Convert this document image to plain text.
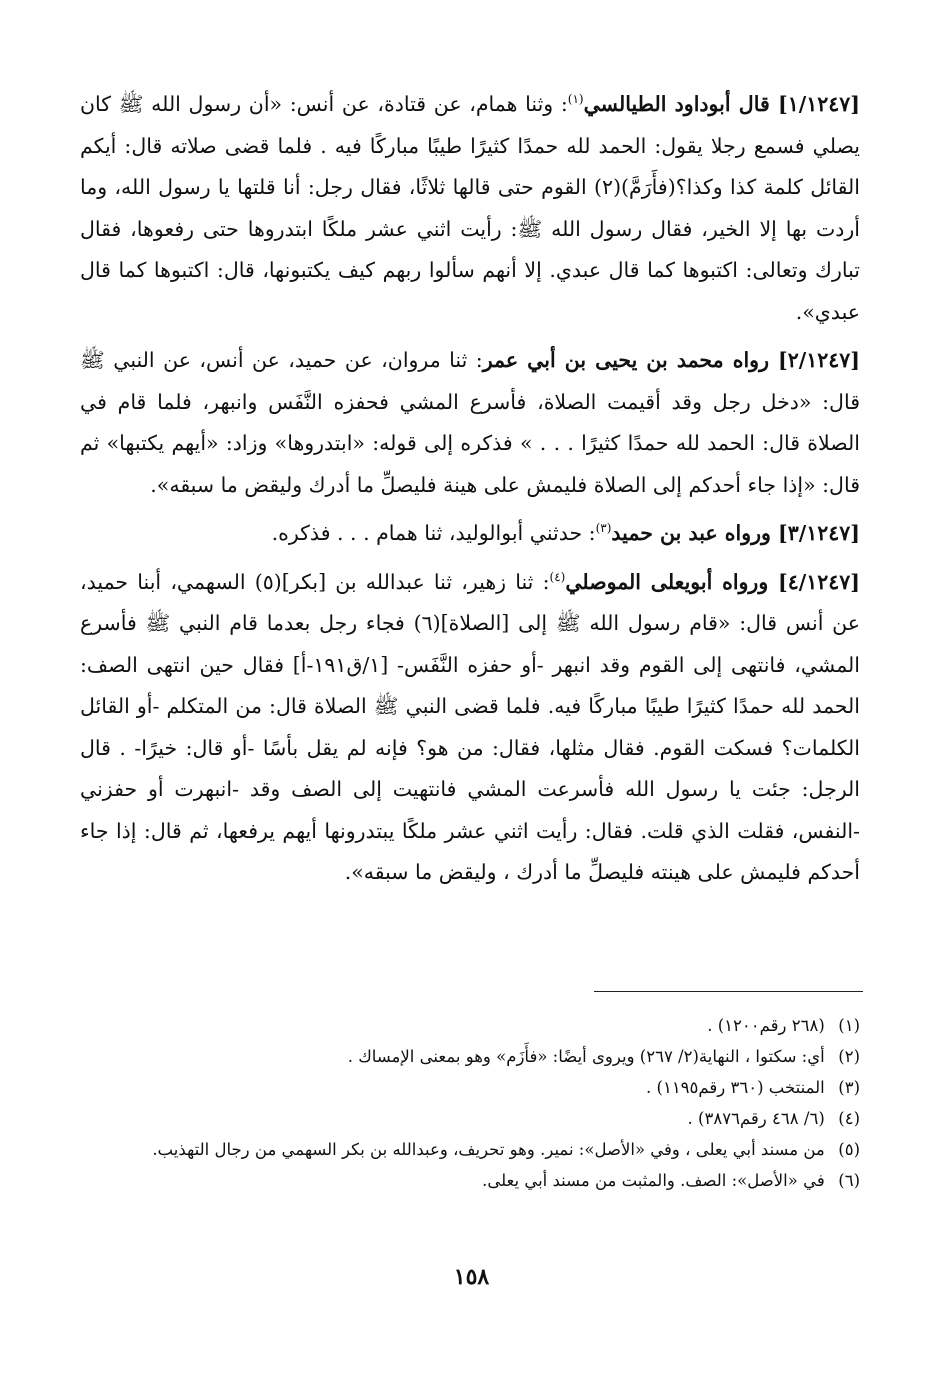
[١/١٢٤٧] قال أبوداود الطيالسي$^{(١)}$: وثنا همام، عن قتادة، عن أنس: «أن رسول الله ﷺ كان يصلي فسمع رجلا يقول: الحمد لله حمدًا كثيرًا طيبًا مباركًا فيه . فلما قضى صلاته قال: أيكم القائل كلمة كذا وكذا؟(فأَرَمَّ)(٢) القوم حتى قالها ثلاثًا، فقال رجل: أنا قلتها يا رسول الله، وما أردت بها إلا الخير، فقال رسول الله ﷺ: رأيت اثني عشر ملكًا ابتدروها حتى رفعوها، فقال تبارك وتعالى: اكتبوها كما قال عبدي. إلا أنهم سألوا ربهم كيف يكتبونها، قال: اكتبوها كما قال عبدي».

[٢/١٢٤٧] رواه محمد بن يحيى بن أبي عمر: ثنا مروان، عن حميد، عن أنس، عن النبي ﷺ قال: «دخل رجل وقد أقيمت الصلاة، فأسرع المشي فحفزه النَّفَس وانبهر، فلما قام في الصلاة قال: الحمد لله حمدًا كثيرًا . . . » فذكره إلى قوله: «ابتدروها» وزاد: «أيهم يكتبها» ثم قال: «إذا جاء أحدكم إلى الصلاة فليمش على هينة فليصلِّ ما أدرك وليقض ما سبقه».

[٣/١٢٤٧] ورواه عبد بن حميد$^{(٣)}$: حدثني أبوالوليد، ثنا همام . . . فذكره.

[٤/١٢٤٧] ورواه أبويعلى الموصلي$^{(٤)}$: ثنا زهير، ثنا عبدالله بن [بكر](٥) السهمي، أبنا حميد، عن أنس قال: «قام رسول الله ﷺ إلى [الصلاة](٦) فجاء رجل بعدما قام النبي ﷺ فأسرع المشي، فانتهى إلى القوم وقد انبهر -أو حفزه النَّفَس- [١/ق١٩١-أ] فقال حين انتهى الصف: الحمد لله حمدًا كثيرًا طيبًا مباركًا فيه. فلما قضى النبي ﷺ الصلاة قال: من المتكلم -أو القائل الكلمات؟ فسكت القوم. فقال مثلها، فقال: من هو؟ فإنه لم يقل بأسًا -أو قال: خيرًا- . قال الرجل: جئت يا رسول الله فأسرعت المشي فانتهيت إلى الصف وقد -انبهرت أو حفزني -النفس، فقلت الذي قلت. فقال: رأيت اثني عشر ملكًا يبتدرونها أيهم يرفعها، ثم قال: إذا جاء أحدكم فليمش على هينته فليصلِّ ما أدرك ، وليقض ما سبقه».

(١) (٢٦٨ رقم١٢٠٠) .

(٢) أي: سكتوا ، النهاية(٢/ ٢٦٧) ويروى أيضًا: «فأَزَم» وهو بمعنى الإمساك .

(٣) المنتخب (٣٦٠ رقم١١٩٥) .

(٤) (٦/ ٤٦٨ رقم٣٨٧٦) .

(٥) من مسند أبي يعلى ، وفي «الأصل»: نمير. وهو تحريف، وعبدالله بن بكر السهمي من رجال التهذيب.

(٦) في «الأصل»: الصف. والمثبت من مسند أبي يعلى.

١٥٨
